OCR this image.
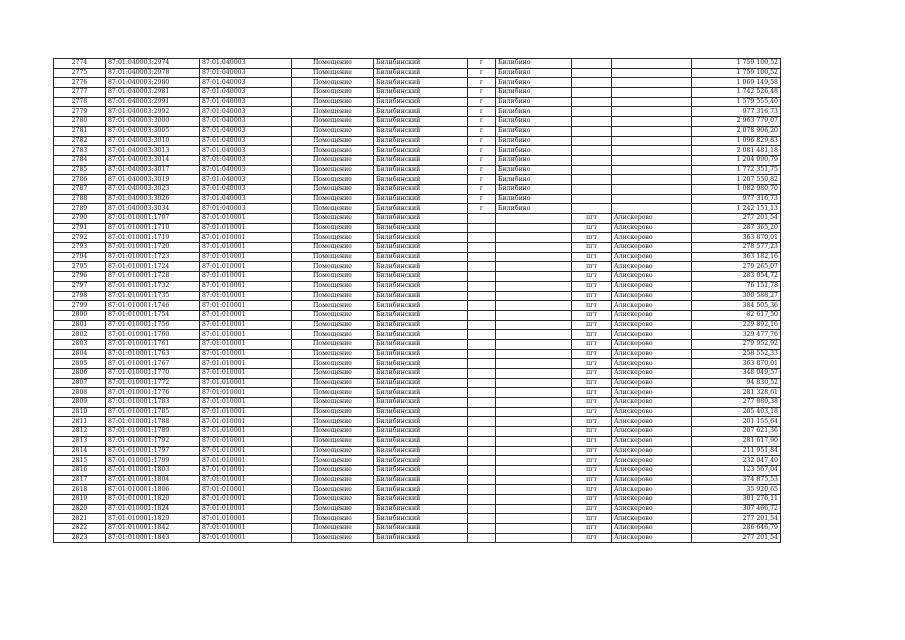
2774	87:01:040003:2974	87:01:040003	Помещение	Билибинский	г	Билибино			1 759 100,52
2775	87:01:040003:2978	87:01:040003	Помещение	Билибинский	г	Билибино			1 759 100,52
2776	87:01:040003:2980	87:01:040003	Помещение	Билибинский	г	Билибино			1 069 149,58
2777	87:01:040003:2981	87:01:040003	Помещение	Билибинский	г	Билибино			1 742 526,48
2778	87:01:040003:2991	87:01:040003	Помещение	Билибинский	г	Билибино			1 579 555,40
2779	87:01:040003:2992	87:01:040003	Помещение	Билибинский	г	Билибино			977 316,73
2780	87:01:040003:3000	87:01:040003	Помещение	Билибинский	г	Билибино			2 963 779,07
2781	87:01:040003:3005	87:01:040003	Помещение	Билибинский	г	Билибино			2 078 906,20
2782	87:01:040003:3010	87:01:040003	Помещение	Билибинский	г	Билибино			1 096 829,83
2783	87:01:040003:3013	87:01:040003	Помещение	Билибинский	г	Билибино			2 081 481,18
2784	87:01:040003:3014	87:01:040003	Помещение	Билибинский	г	Билибино			1 204 090,79
2785	87:01:040003:3017	87:01:040003	Помещение	Билибинский	г	Билибино			1 772 351,75
2786	87:01:040003:3019	87:01:040003	Помещение	Билибинский	г	Билибино			1 207 550,82
2787	87:01:040003:3023	87:01:040003	Помещение	Билибинский	г	Билибино			1 082 980,70
2788	87:01:040003:3026	87:01:040003	Помещение	Билибинский	г	Билибино			977 316,73
2789	87:01:040003:3034	87:01:040003	Помещение	Билибинский	г	Билибино			1 242 151,13
2790	87:01:010001:1707	87:01:010001	Помещение	Билибинский			пгт	Алискерово	277 201,54
2791	87:01:010001:1710	87:01:010001	Помещение	Билибинский			пгт	Алискерово	287 365,20
2792	87:01:010001:1719	87:01:010001	Помещение	Билибинский			пгт	Алискерово	363 870,01
2793	87:01:010001:1720	87:01:010001	Помещение	Билибинский			пгт	Алискерово	278 577,23
2794	87:01:010001:1723	87:01:010001	Помещение	Билибинский			пгт	Алискерово	363 182,16
2795	87:01:010001:1724	87:01:010001	Помещение	Билибинский			пгт	Алискерово	279 265,07
2796	87:01:010001:1728	87:01:010001	Помещение	Билибинский			пгт	Алискерово	283 054,72
2797	87:01:010001:1732	87:01:010001	Помещение	Билибинский			пгт	Алискерово	76 151,78
2798	87:01:010001:1735	87:01:010001	Помещение	Билибинский			пгт	Алискерово	300 588,27
2799	87:01:010001:1746	87:01:010001	Помещение	Билибинский			пгт	Алискерово	384 505,36
2800	87:01:010001:1754	87:01:010001	Помещение	Билибинский			пгт	Алискерово	82 617,50
2801	87:01:010001:1756	87:01:010001	Помещение	Билибинский			пгт	Алискерово	229 892,16
2802	87:01:010001:1760	87:01:010001	Помещение	Билибинский			пгт	Алискерово	329 477,76
2803	87:01:010001:1761	87:01:010001	Помещение	Билибинский			пгт	Алискерово	279 952,92
2804	87:01:010001:1763	87:01:010001	Помещение	Билибинский			пгт	Алискерово	258 552,33
2805	87:01:010001:1767	87:01:010001	Помещение	Билибинский			пгт	Алискерово	363 870,01
2806	87:01:010001:1770	87:01:010001	Помещение	Билибинский			пгт	Алискерово	348 049,57
2807	87:01:010001:1772	87:01:010001	Помещение	Билибинский			пгт	Алискерово	94 830,52
2808	87:01:010001:1776	87:01:010001	Помещение	Билибинский			пгт	Алискерово	281 328,61
2809	87:01:010001:1783	87:01:010001	Помещение	Билибинский			пгт	Алискерово	277 889,38
2810	87:01:010001:1785	87:01:010001	Помещение	Билибинский			пгт	Алискерово	205 403,18
2811	87:01:010001:1788	87:01:010001	Помещение	Билибинский			пгт	Алискерово	201 155,64
2812	87:01:010001:1789	87:01:010001	Помещение	Билибинский			пгт	Алискерово	207 621,36
2813	87:01:010001:1792	87:01:010001	Помещение	Билибинский			пгт	Алискерово	281 617,90
2814	87:01:010001:1797	87:01:010001	Помещение	Билибинский			пгт	Алискерово	211 951,84
2815	87:01:010001:1799	87:01:010001	Помещение	Билибинский			пгт	Алискерово	232 047,40
2816	87:01:010001:1803	87:01:010001	Помещение	Билибинский			пгт	Алискерово	123 567,04
2817	87:01:010001:1804	87:01:010001	Помещение	Билибинский			пгт	Алискерово	374 875,53
2818	87:01:010001:1806	87:01:010001	Помещение	Билибинский			пгт	Алискерово	35 920,65
2819	87:01:010001:1820	87:01:010001	Помещение	Билибинский			пгт	Алискерово	301 276,11
2820	87:01:010001:1824	87:01:010001	Помещение	Билибинский			пгт	Алискерово	307 466,72
2821	87:01:010001:1829	87:01:010001	Помещение	Билибинский			пгт	Алискерово	277 201,54
2822	87:01:010001:1842	87:01:010001	Помещение	Билибинский			пгт	Алискерово	286 646,79
2823	87:01:010001:1843	87:01:010001	Помещение	Билибинский			пгт	Алискерово	277 201,54
